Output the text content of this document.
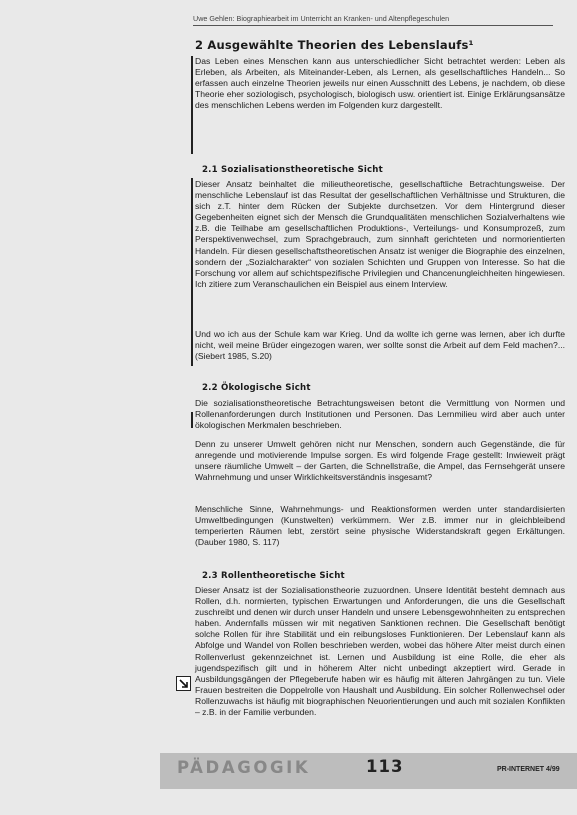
Uwe Gehlen: Biographiearbeit im Unterricht an Kranken- und Altenpflegeschulen
2 Ausgewählte Theorien des Lebenslaufs¹
Das Leben eines Menschen kann aus unterschiedlicher Sicht betrachtet werden: Leben als Erleben, als Arbeiten, als Miteinander-Leben, als Lernen, als gesellschaftliches Handeln... So erfassen auch einzelne Theorien jeweils nur einen Ausschnitt des Lebens, je nachdem, ob diese Theorie eher soziologisch, psychologisch, biologisch usw. orientiert ist. Einige Erklärungsansätze des menschlichen Lebens werden im Folgenden kurz dargestellt.
2.1 Sozialisationstheoretische Sicht
Dieser Ansatz beinhaltet die milieutheoretische, gesellschaftliche Betrachtungsweise. Der menschliche Lebenslauf ist das Resultat der gesellschaftlichen Verhältnisse und Strukturen, die sich z.T. hinter dem Rücken der Subjekte durchsetzen. Vor dem Hintergrund dieser Gegebenheiten eignet sich der Mensch die Grundqualitäten menschlichen Sozialverhaltens wie z.B. die Teilhabe am gesellschaftlichen Produktions-, Verteilungs- und Konsumprozeß, zum Perspektivenwechsel, zum Sprachgebrauch, zum sinnhaft gerichteten und normorientierten Handeln. Für diesen gesellschaftstheoretischen Ansatz ist weniger die Biographie des einzelnen, sondern der „Sozialcharakter“ von sozialen Schichten und Gruppen von Interesse. So hat die Forschung vor allem auf schichtspezifische Privilegien und Chancenungleichheiten hingewiesen. Ich zitiere zum Veranschaulichen ein Beispiel aus einem Interview.
Und wo ich aus der Schule kam war Krieg. Und da wollte ich gerne was lernen, aber ich durfte nicht, weil meine Brüder eingezogen waren, wer sollte sonst die Arbeit auf dem Feld machen?... (Siebert 1985, S.20)
2.2 Ökologische Sicht
Die sozialisationstheoretische Betrachtungsweisen betont die Vermittlung von Normen und Rollenanforderungen durch Institutionen und Personen. Das Lernmilieu wird aber auch unter ökologischen Merkmalen beschrieben.
Denn zu unserer Umwelt gehören nicht nur Menschen, sondern auch Gegenstände, die für anregende und motivierende Impulse sorgen. Es wird folgende Frage gestellt: Inwieweit prägt unsere räumliche Umwelt – der Garten, die Schnellstraße, die Ampel, das Fernsehgerät unsere Wahrnehmung und unser Wirklichkeitsverständnis insgesamt?
Menschliche Sinne, Wahrnehmungs- und Reaktionsformen werden unter standardisierten Umweltbedingungen (Kunstwelten) verkümmern. Wer z.B. immer nur in gleichbleibend temperierten Räumen lebt, zerstört seine physische Widerstandskraft gegen Erkältungen. (Dauber 1980, S. 117)
2.3 Rollentheoretische Sicht
Dieser Ansatz ist der Sozialisationstheorie zuzuordnen. Unsere Identität besteht demnach aus Rollen, d.h. normierten, typischen Erwartungen und Anforderungen, die uns die Gesellschaft zuschreibt und denen wir durch unser Handeln und unsere Lebensgewohnheiten zu entsprechen haben. Andernfalls müssen wir mit negativen Sanktionen rechnen. Die Gesellschaft benötigt solche Rollen für ihre Stabilität und ein reibungsloses Funktionieren. Der Lebenslauf kann als Abfolge und Wandel von Rollen beschrieben werden, wobei das höhere Alter meist durch einen Rollenverlust gekennzeichnet ist. Lernen und Ausbildung ist eine Rolle, die eher als jugendspezifisch gilt und in höherem Alter nicht unbedingt akzeptiert wird. Gerade in Ausbildungsgängen der Pflegeberufe haben wir es häufig mit älteren Jahrgängen zu tun. Viele Frauen bestreiten die Doppelrolle von Haushalt und Ausbildung. Ein solcher Rollenwechsel oder Rollenzuwachs ist häufig mit biographischen Neuorientierungen und auch mit sozialen Konflikten – z.B. in der Familie verbunden.
PÄDAGOGIK	113	PR-INTERNET 4/99
